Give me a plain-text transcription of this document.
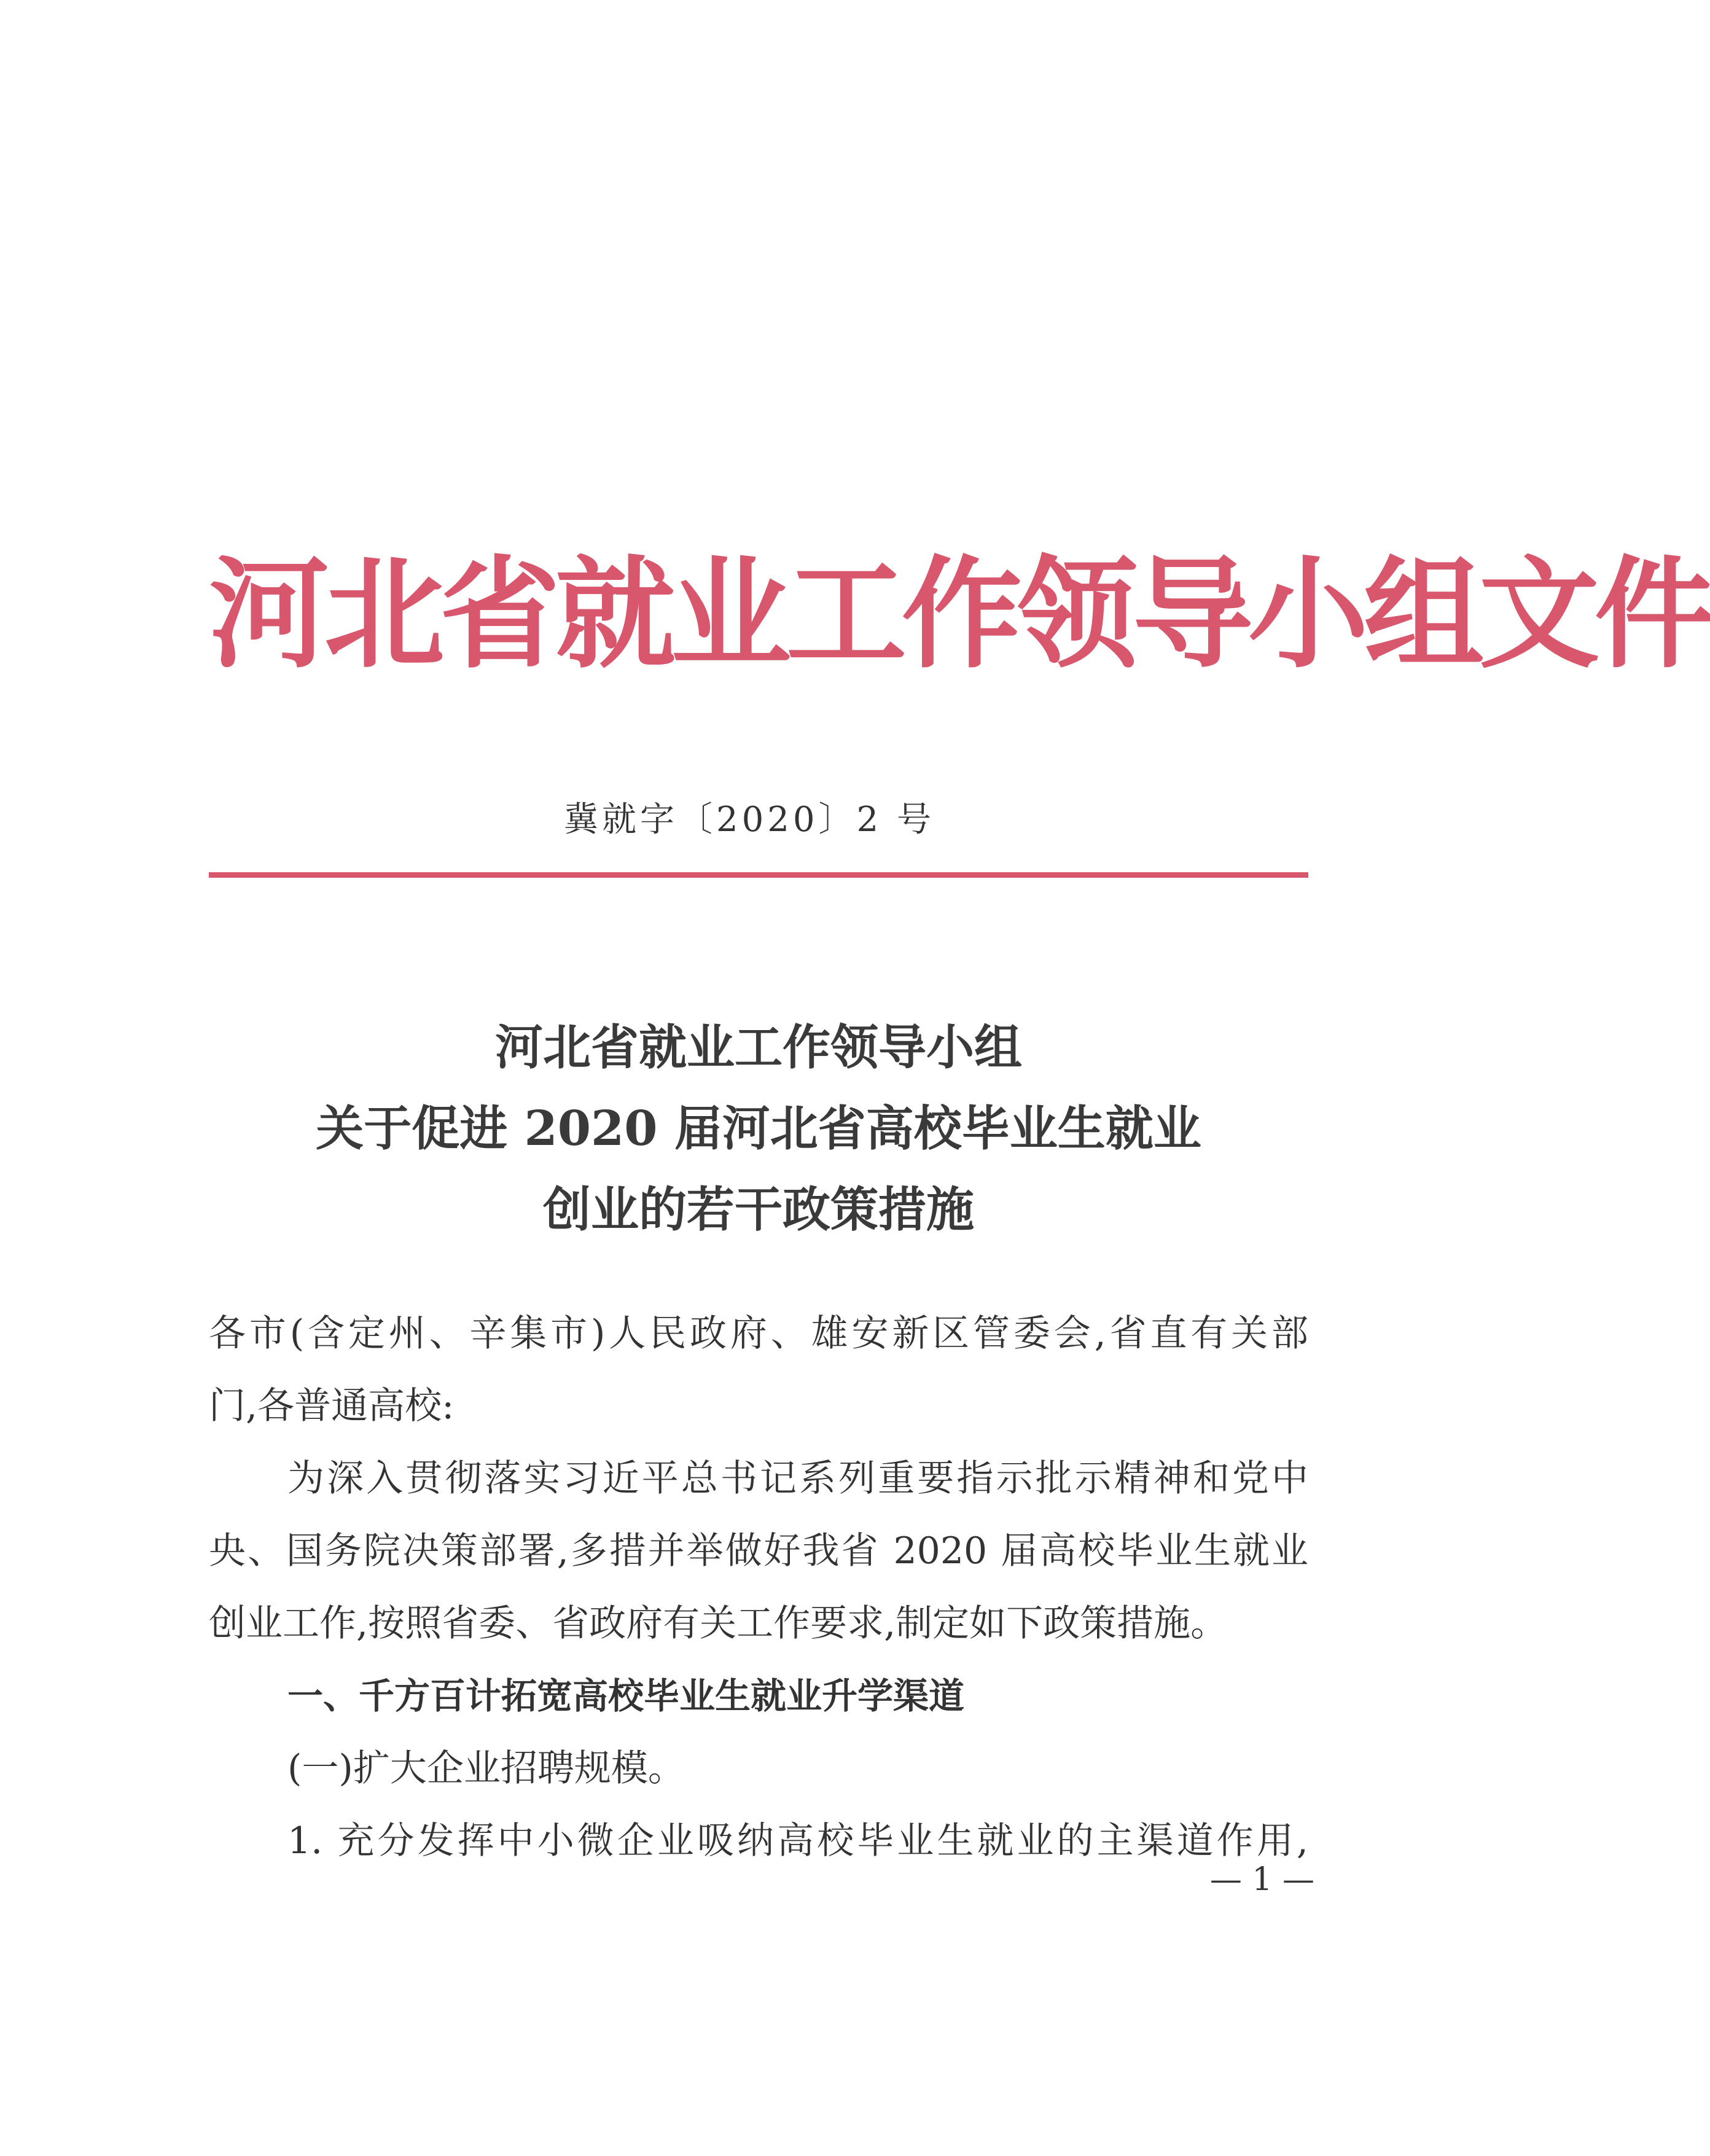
河北省就业工作领导小组文件
冀就字〔2020〕2 号
河北省就业工作领导小组
关于促进 2020 届河北省高校毕业生就业
创业的若干政策措施

各市(含定州、辛集市)人民政府、雄安新区管委会,省直有关部

门,各普通高校:

为深入贯彻落实习近平总书记系列重要指示批示精神和党中

央、国务院决策部署,多措并举做好我省 2020 届高校毕业生就业

创业工作,按照省委、省政府有关工作要求,制定如下政策措施。

一、千方百计拓宽高校毕业生就业升学渠道

(一)扩大企业招聘规模。

1. 充分发挥中小微企业吸纳高校毕业生就业的主渠道作用,

— 1 —
